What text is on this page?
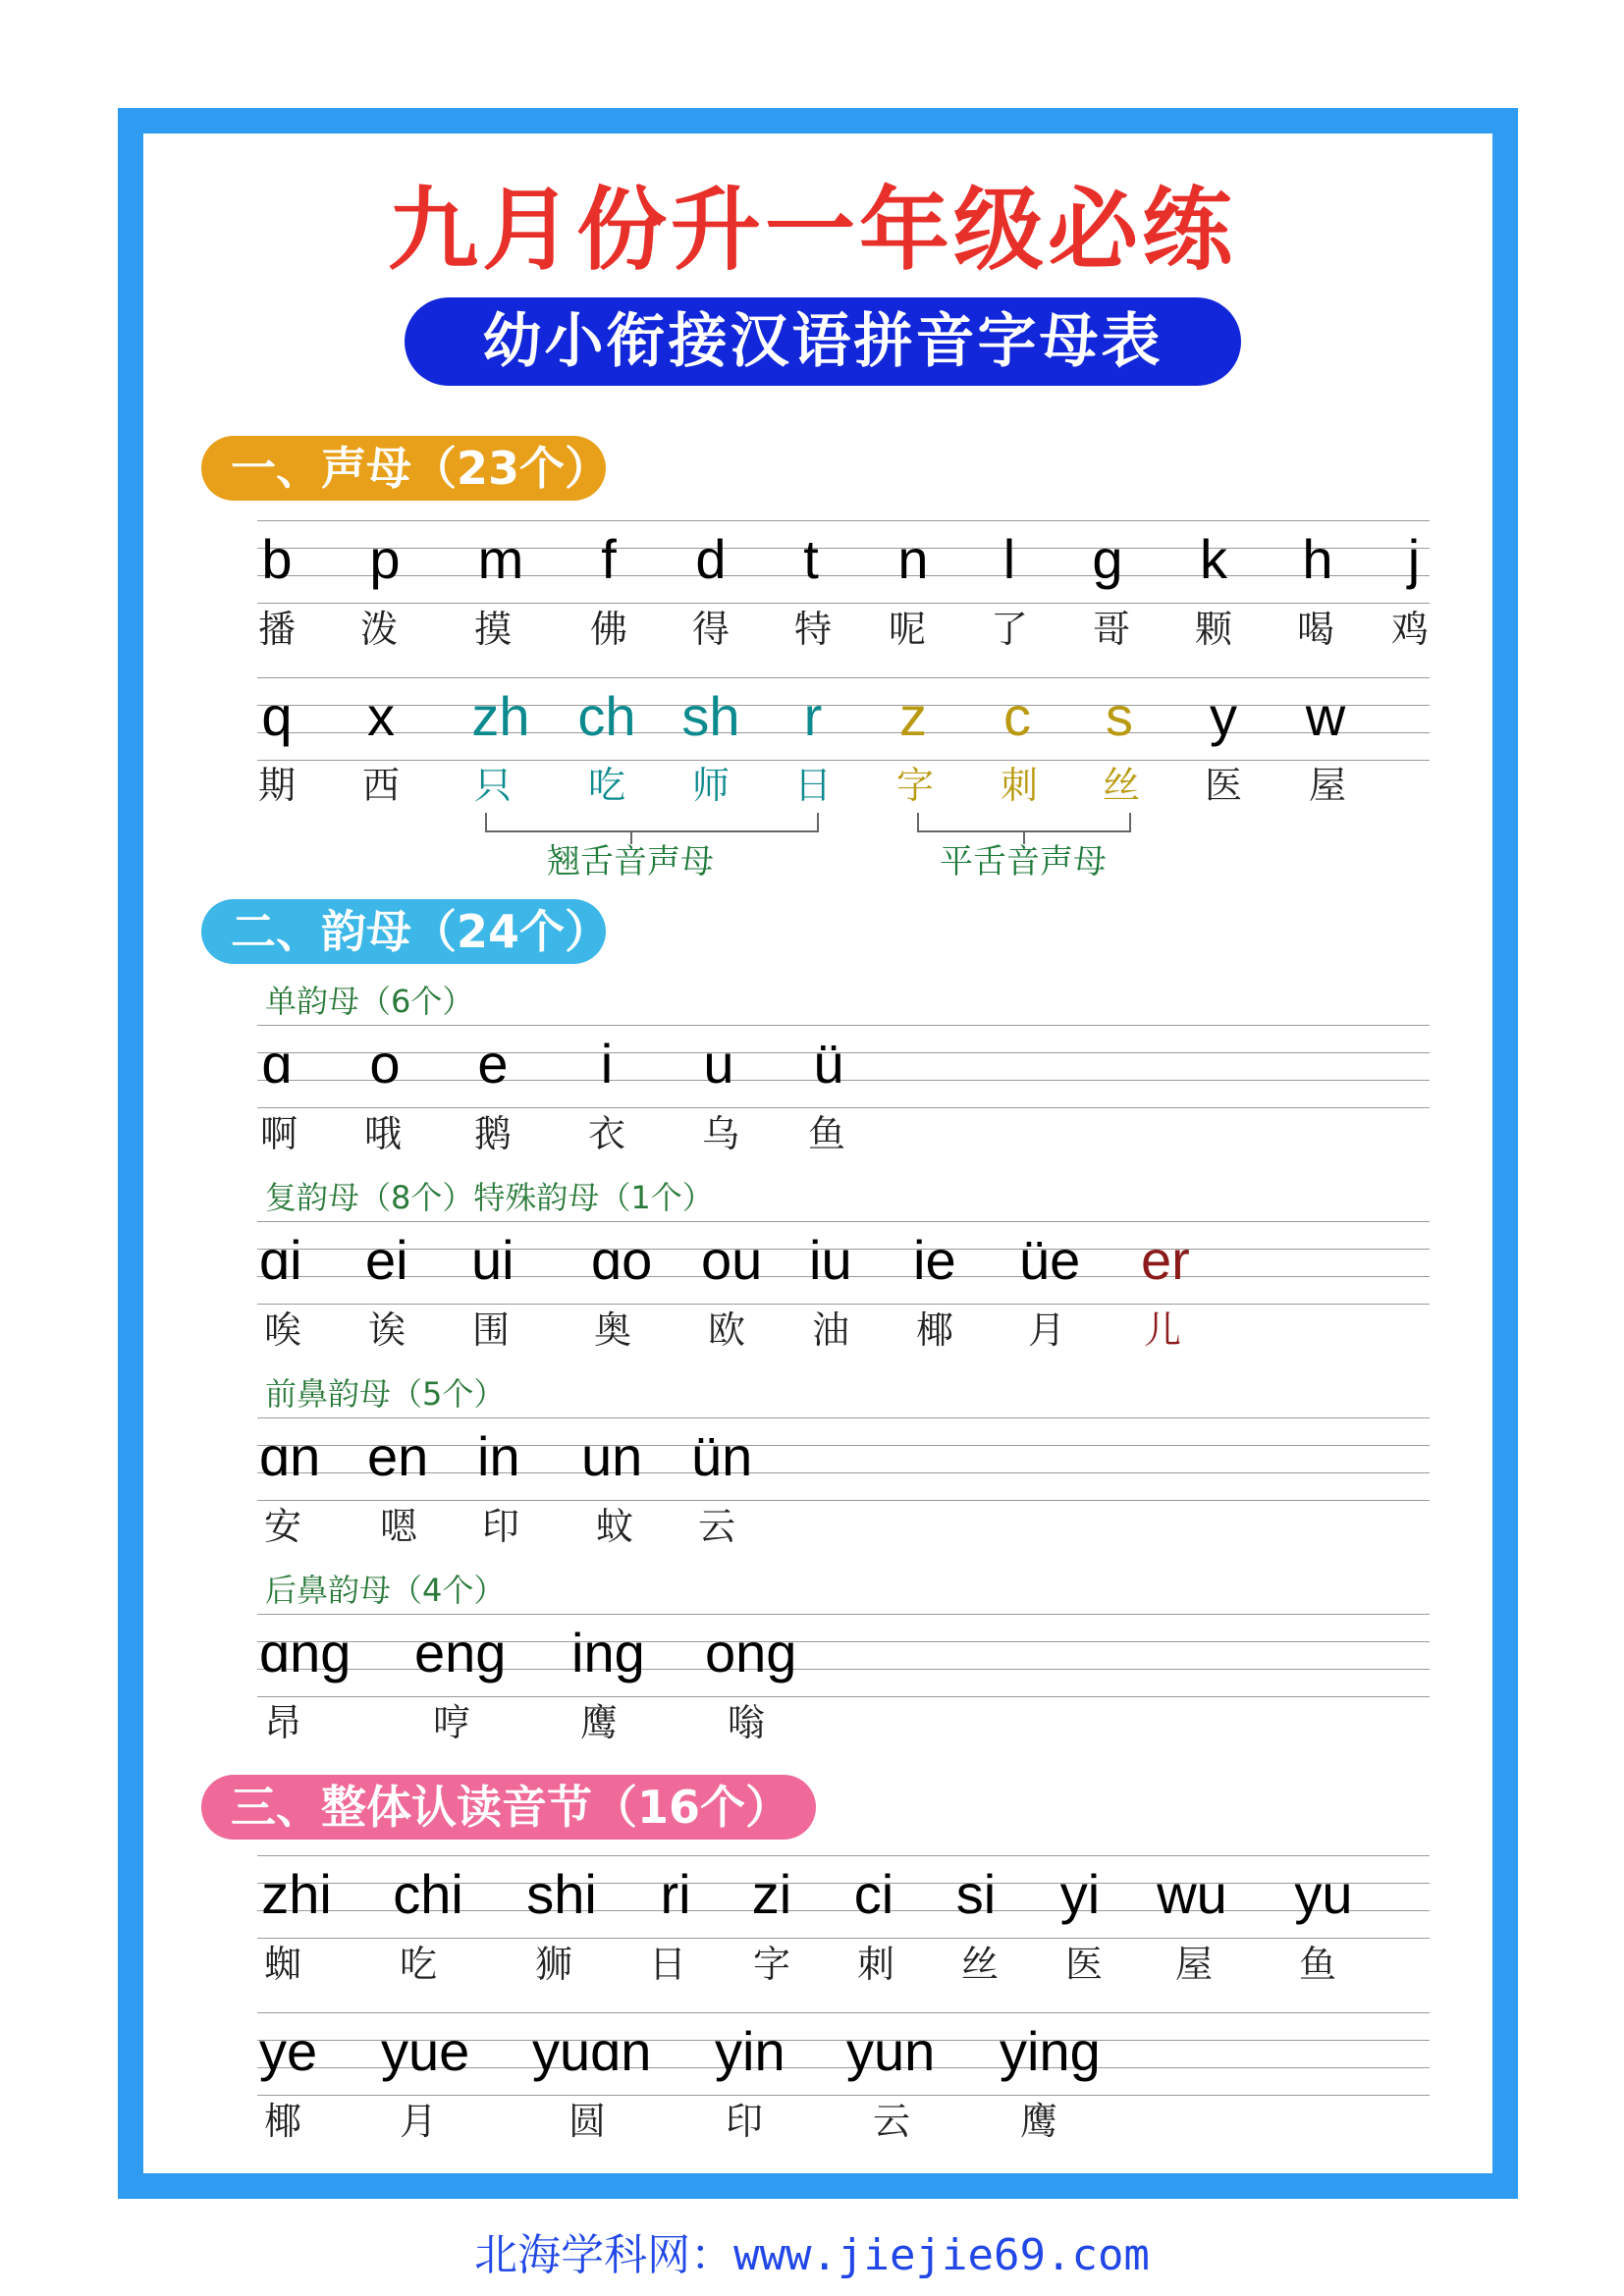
九月份升一年级必练
幼小衔接汉语拼音字母表
一、声母（23个）
b p m f d t n l g k h j
播 泼 摸 佛 得 特 呢 了 哥 颗 喝 鸡
q x zh ch sh r z c s y w
期 西 只 吃 师 日 字 刺 丝 医 屋
翘舌音声母	平舌音声母
二、韵母（24个）
单韵母（6个）
ɑ o e i u ü
啊 哦 鹅 衣 乌 鱼
复韵母（8个）特殊韵母（1个）
ɑi ei ui ɑo ou iu ie üe er
唉 诶 围 奥 欧 油 椰 月 儿
前鼻韵母（5个）
ɑn en in un ün
安 嗯 印 蚊 云
后鼻韵母（4个）
ɑng eng ing ong
昂	哼	鹰	嗡
三、整体认读音节（16个）
zhi chi shi ri zi ci si yi wu yu
蜘	吃	狮 日 字 刺 丝 医 屋 鱼
ye yue yuɑn yin yun ying
椰	月	圆	印	云	鹰
北海学科网：www.jiejie69.com
